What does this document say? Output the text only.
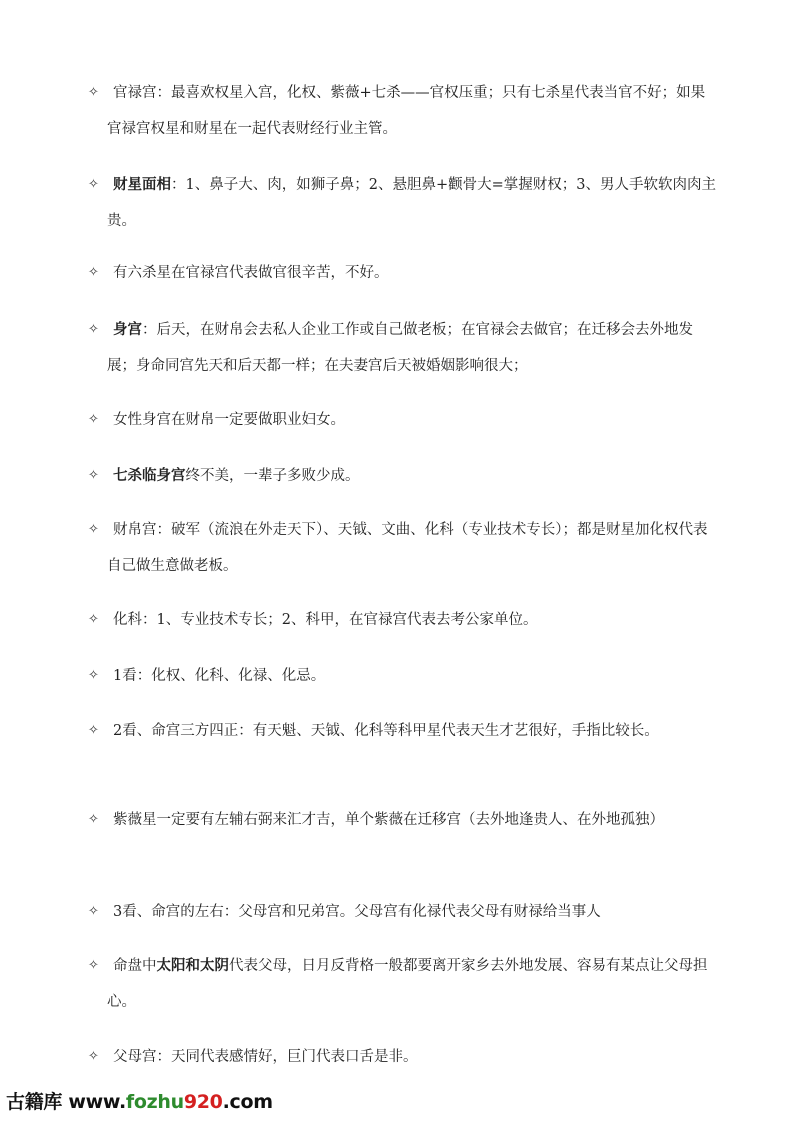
✧ 官禄宫：最喜欢权星入宫，化权、紫薇+七杀——官权压重；只有七杀星代表当官不好；如果官禄宫权星和财星在一起代表财经行业主管。
✧ 财星面相：1、鼻子大、肉，如狮子鼻；2、悬胆鼻+颧骨大=掌握财权；3、男人手软软肉肉主贵。
✧ 有六杀星在官禄宫代表做官很辛苦，不好。
✧ 身宫：后天，在财帛会去私人企业工作或自己做老板；在官禄会去做官；在迁移会去外地发展；身命同宫先天和后天都一样；在夫妻宫后天被婚姻影响很大；
✧ 女性身宫在财帛一定要做职业妇女。
✧ 七杀临身宫终不美，一辈子多败少成。
✧ 财帛宫：破军（流浪在外走天下）、天钺、文曲、化科（专业技术专长）；都是财星加化权代表自己做生意做老板。
✧ 化科：1、专业技术专长；2、科甲，在官禄宫代表去考公家单位。
✧ 1看：化权、化科、化禄、化忌。
✧ 2看、命宫三方四正：有天魁、天钺、化科等科甲星代表天生才艺很好，手指比较长。
✧ 紫薇星一定要有左辅右弼来汇才吉，单个紫薇在迁移宫（去外地逢贵人、在外地孤独）
✧ 3看、命宫的左右：父母宫和兄弟宫。父母宫有化禄代表父母有财禄给当事人
✧ 命盘中太阳和太阴代表父母，日月反背格一般都要离开家乡去外地发展、容易有某点让父母担心。
✧ 父母宫：天同代表感情好，巨门代表口舌是非。
古籍库 www.fozhu920.com
